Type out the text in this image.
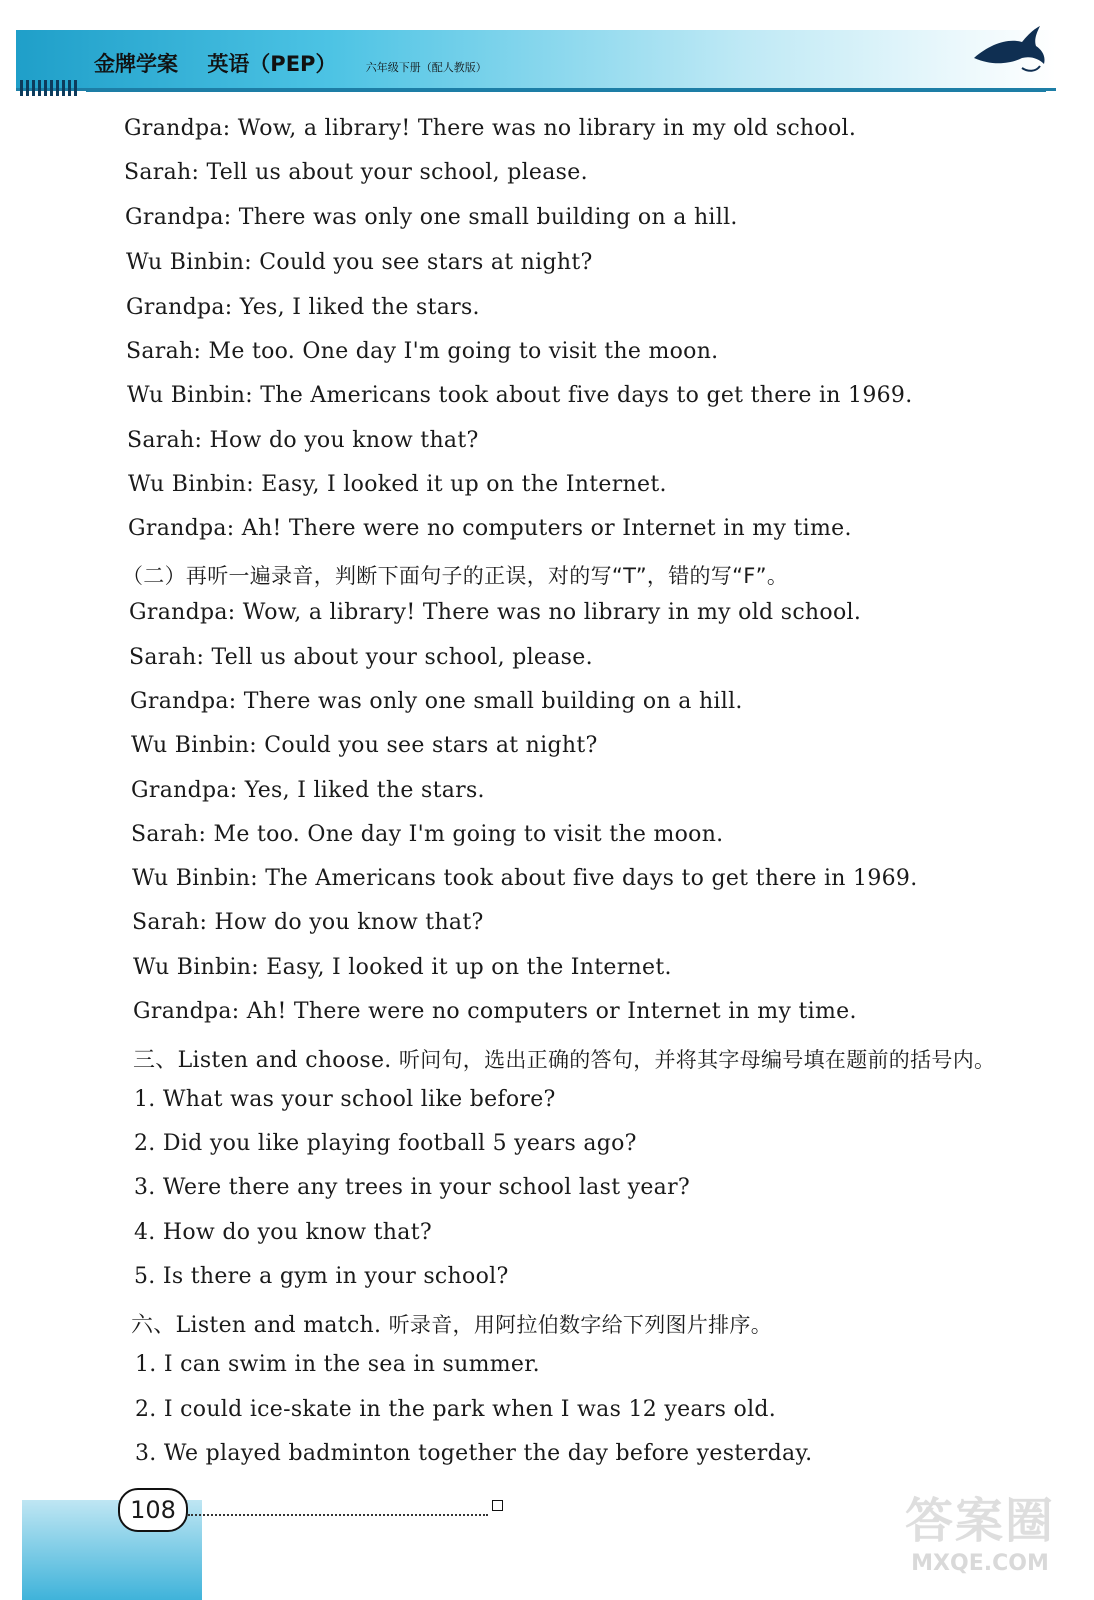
金牌学案 英语（PEP）	六年级下册（配人教版）
Grandpa: Wow, a library! There was no library in my old school.
Sarah: Tell us about your school, please.
Grandpa: There was only one small building on a hill.
Wu Binbin: Could you see stars at night?
Grandpa: Yes, I liked the stars.
Sarah: Me too. One day I'm going to visit the moon.
Wu Binbin: The Americans took about five days to get there in 1969.
Sarah: How do you know that?
Wu Binbin: Easy, I looked it up on the Internet.
Grandpa: Ah! There were no computers or Internet in my time.
（二）再听一遍录音，判断下面句子的正误，对的写“T”，错的写“F”。
Grandpa: Wow, a library! There was no library in my old school.
Sarah: Tell us about your school, please.
Grandpa: There was only one small building on a hill.
Wu Binbin: Could you see stars at night?
Grandpa: Yes, I liked the stars.
Sarah: Me too. One day I'm going to visit the moon.
Wu Binbin: The Americans took about five days to get there in 1969.
Sarah: How do you know that?
Wu Binbin: Easy, I looked it up on the Internet.
Grandpa: Ah! There were no computers or Internet in my time.
三、Listen and choose. 听问句，选出正确的答句，并将其字母编号填在题前的括号内。
1. What was your school like before?
2. Did you like playing football 5 years ago?
3. Were there any trees in your school last year?
4. How do you know that?
5. Is there a gym in your school?
六、Listen and match. 听录音，用阿拉伯数字给下列图片排序。
1. I can swim in the sea in summer.
2. I could ice-skate in the park when I was 12 years old.
3. We played badminton together the day before yesterday.
108	答案圈
MXQE.COM
